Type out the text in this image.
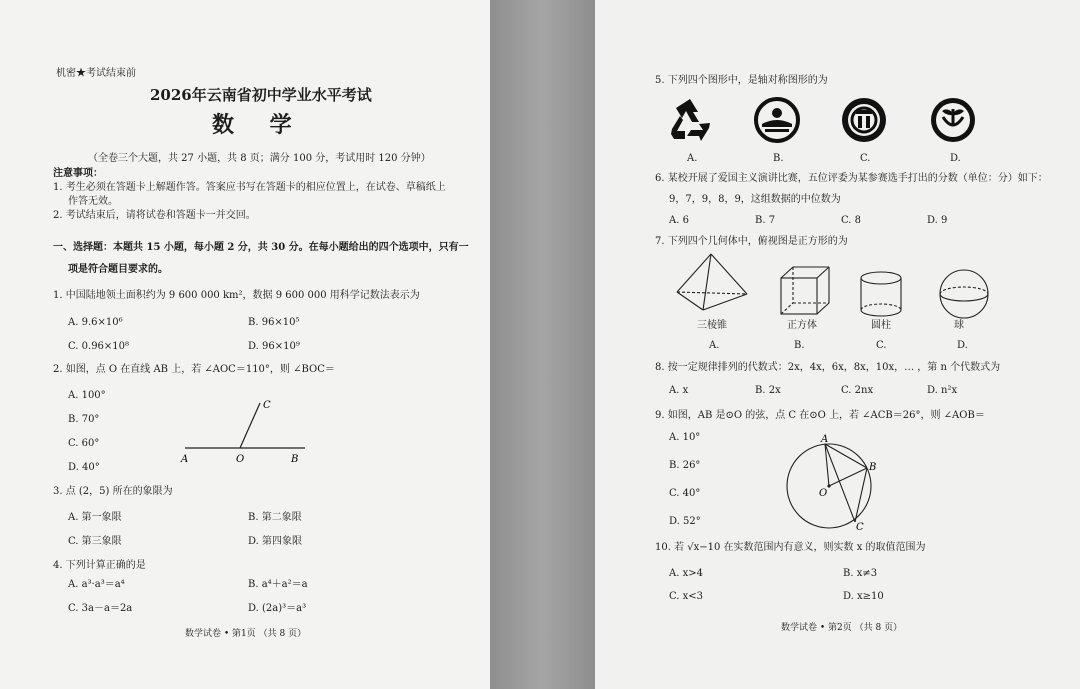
机密★考试结束前
2026年云南省初中学业水平考试
数 学
（全卷三个大题，共 27 小题，共 8 页；满分 100 分，考试用时 120 分钟）
注意事项：
1. 考生必须在答题卡上解题作答。答案应书写在答题卡的相应位置上，在试卷、草稿纸上
作答无效。
2. 考试结束后，请将试卷和答题卡一并交回。
一、选择题：本题共 15 小题，每小题 2 分，共 30 分。在每小题给出的四个选项中，只有一
项是符合题目要求的。
1. 中国陆地领土面积约为 9 600 000 km²，数据 9 600 000 用科学记数法表示为
A. 9.6×10⁶	B. 96×10⁵
C. 0.96×10⁸	D. 96×10⁹
2. 如图，点 O 在直线 AB 上，若 ∠AOC＝110°，则 ∠BOC＝
A. 100°
B. 70°
C. 60°
D. 40°
A	O	B
C
3. 点 (2，5) 所在的象限为
A. 第一象限	B. 第二象限
C. 第三象限	D. 第四象限
4. 下列计算正确的是
A. a³·a³＝a⁴	B. a⁴＋a²＝a
C. 3a－a＝2a	D. (2a)³＝a³
数学试卷 • 第1页 （共 8 页）
5. 下列四个图形中，是轴对称图形的为
A.	B.	C.	D.
6. 某校开展了爱国主义演讲比赛，五位评委为某参赛选手打出的分数（单位：分）如下：
9，7，9，8，9，这组数据的中位数为
A. 6	B. 7	C. 8	D. 9
7. 下列四个几何体中，俯视图是正方形的为
三棱锥	正方体	圆柱	球
A.	B.	C.	D.
8. 按一定规律排列的代数式：2x，4x，6x，8x，10x，… ，第 n 个代数式为
A. x	B. 2x	C. 2nx	D. n²x
9. 如图，AB 是⊙O 的弦，点 C 在⊙O 上，若 ∠ACB＝26°，则 ∠AOB＝
A. 10°
B. 26°
C. 40°
D. 52°
A
B
C
O
10. 若 √x−10 在实数范围内有意义，则实数 x 的取值范围为
A. x>4	B. x≠3
C. x<3	D. x≥10
数学试卷 • 第2页 （共 8 页）
